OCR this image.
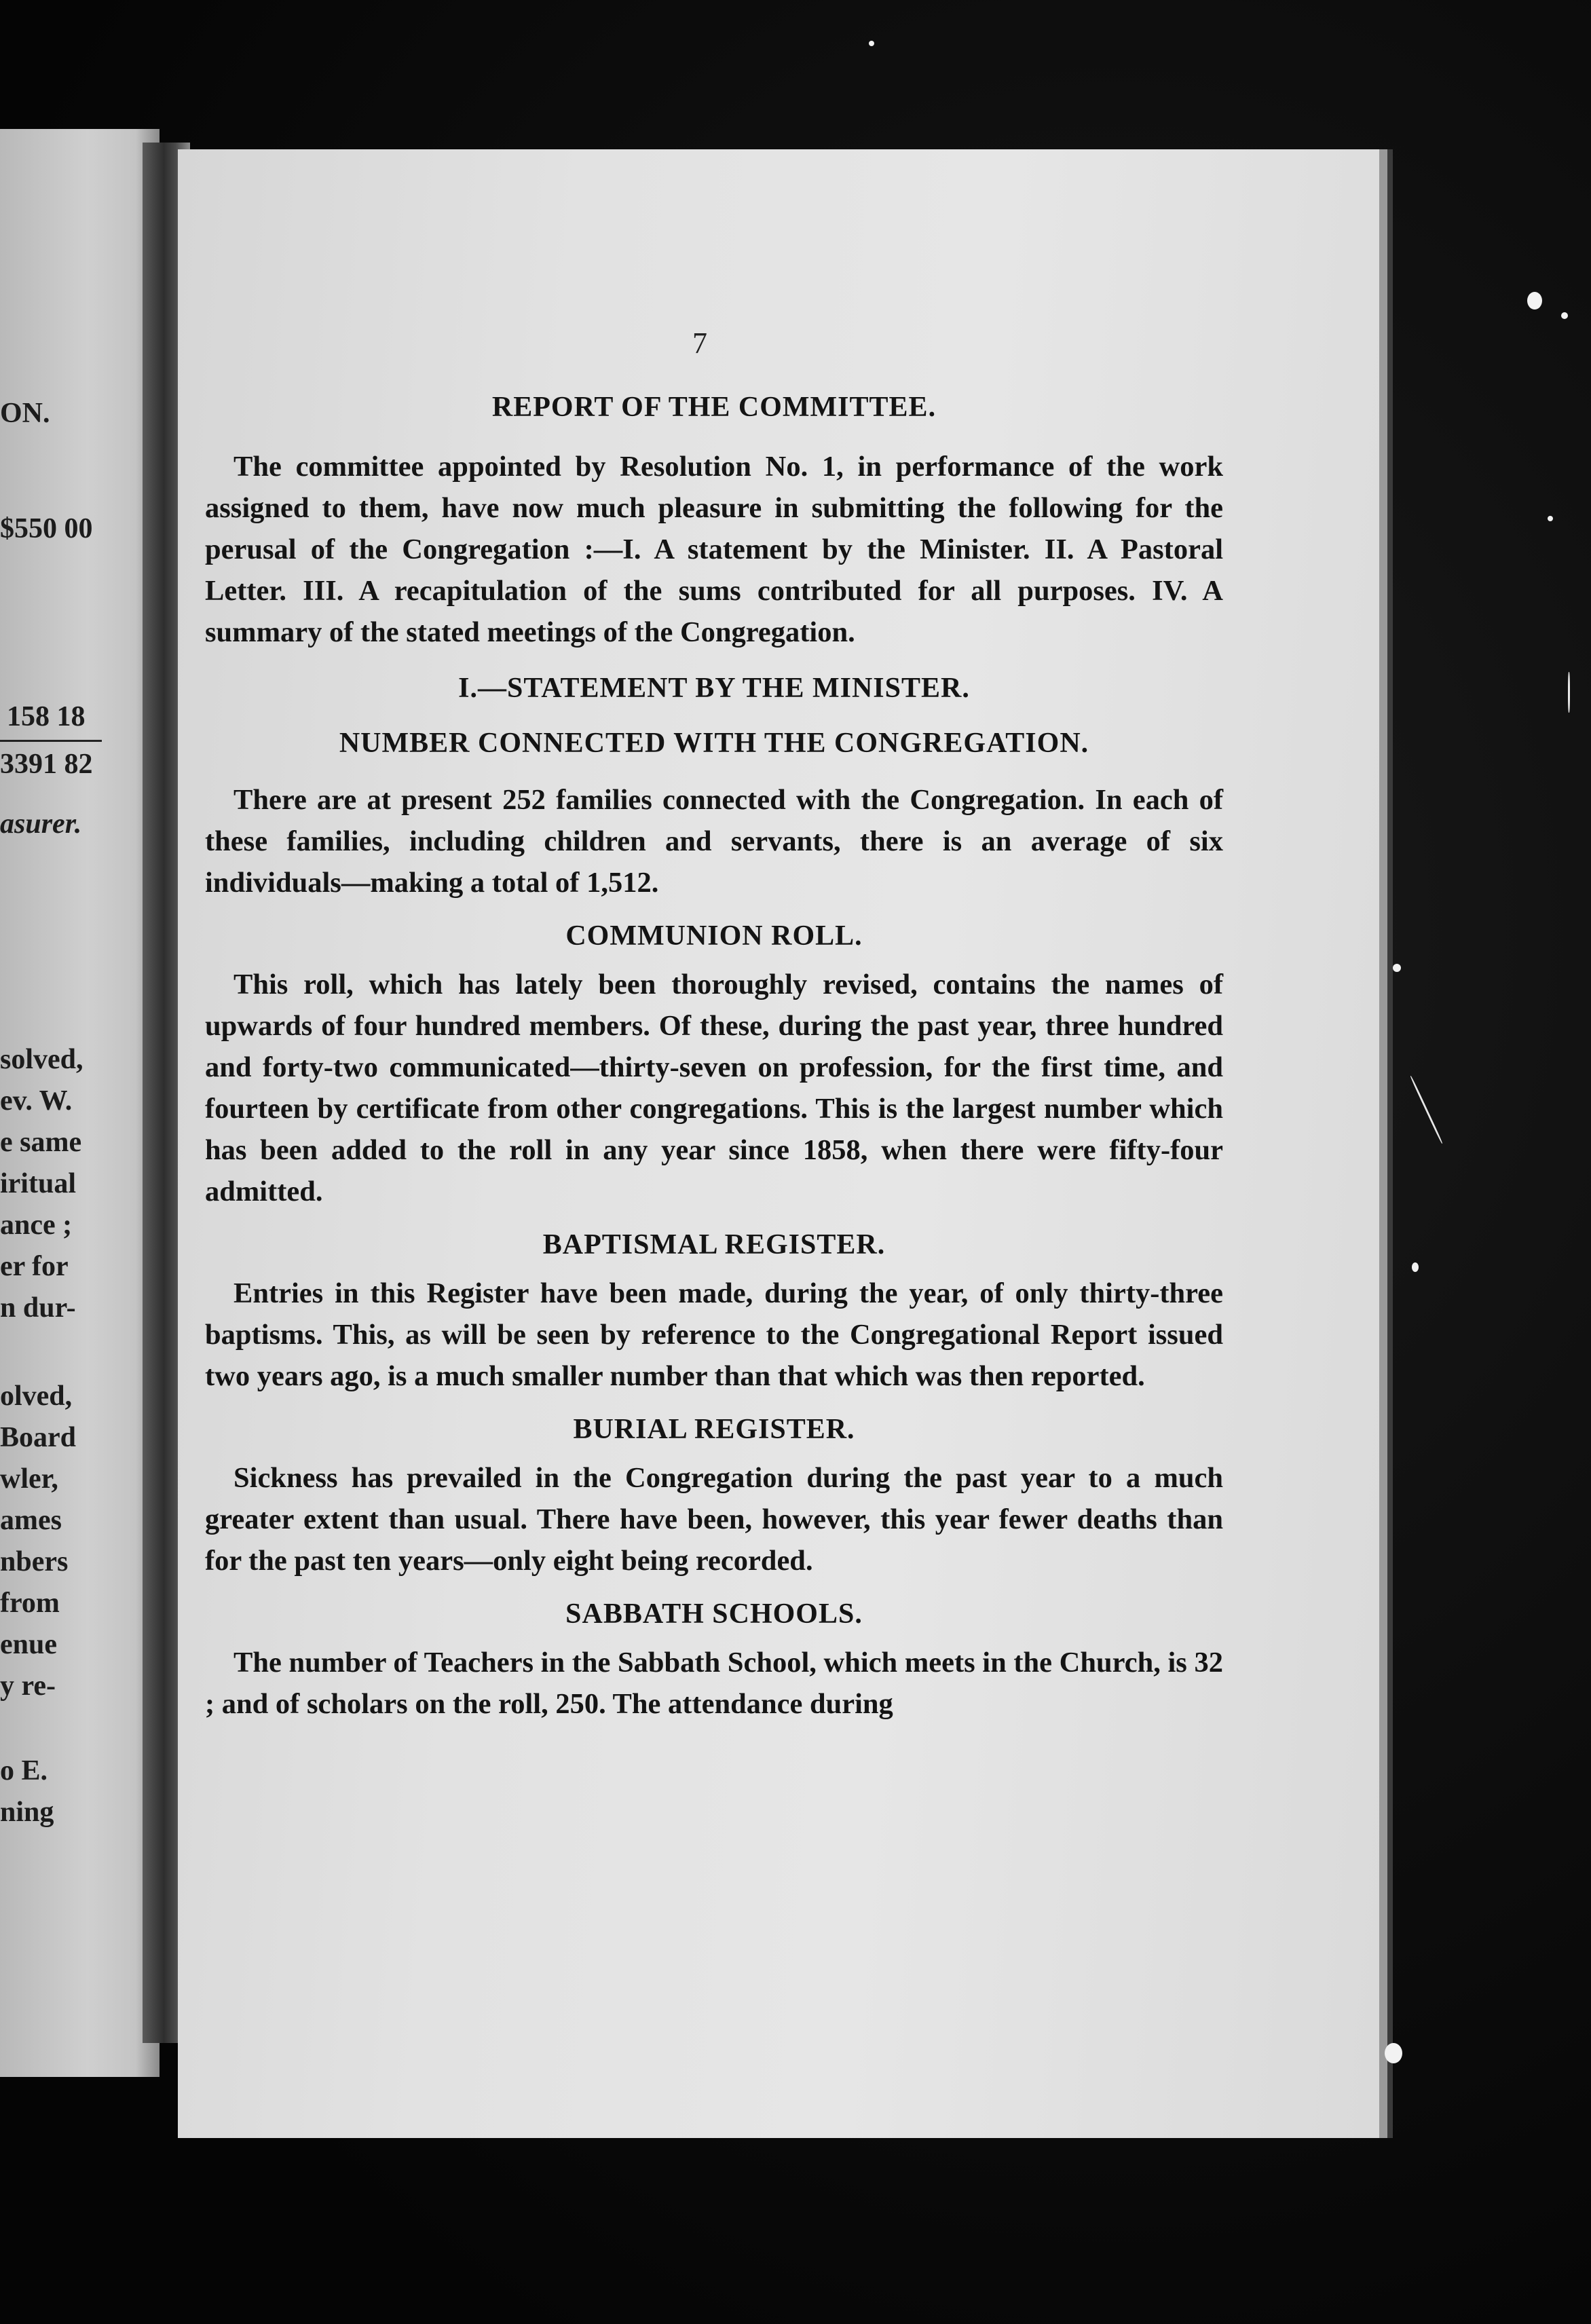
ON.
$550 00
158 18
3391 82
asurer.
solved,
ev. W.
e same
iritual
ance ;
er for
n dur-
olved,
Board
wler,
ames
nbers
from
enue
y re-
o E.
ning
7
REPORT OF THE COMMITTEE.

The committee appointed by Resolution No. 1, in performance of the work assigned to them, have now much pleasure in submitting the following for the perusal of the Congregation :—I. A statement by the Minister. II. A Pastoral Letter. III. A recapitulation of the sums contributed for all purposes. IV. A summary of the stated meetings of the Congregation.

I.—STATEMENT BY THE MINISTER.
NUMBER CONNECTED WITH THE CONGREGATION.

There are at present 252 families connected with the Congregation. In each of these families, including children and servants, there is an average of six individuals—making a total of 1,512.

COMMUNION ROLL.

This roll, which has lately been thoroughly revised, contains the names of upwards of four hundred members. Of these, during the past year, three hundred and forty-two communicated—thirty-seven on profession, for the first time, and fourteen by certificate from other congregations. This is the largest number which has been added to the roll in any year since 1858, when there were fifty-four admitted.

BAPTISMAL REGISTER.

Entries in this Register have been made, during the year, of only thirty-three baptisms. This, as will be seen by reference to the Congregational Report issued two years ago, is a much smaller number than that which was then reported.

BURIAL REGISTER.

Sickness has prevailed in the Congregation during the past year to a much greater extent than usual. There have been, however, this year fewer deaths than for the past ten years—only eight being recorded.

SABBATH SCHOOLS.

The number of Teachers in the Sabbath School, which meets in the Church, is 32 ; and of scholars on the roll, 250. The attendance during
